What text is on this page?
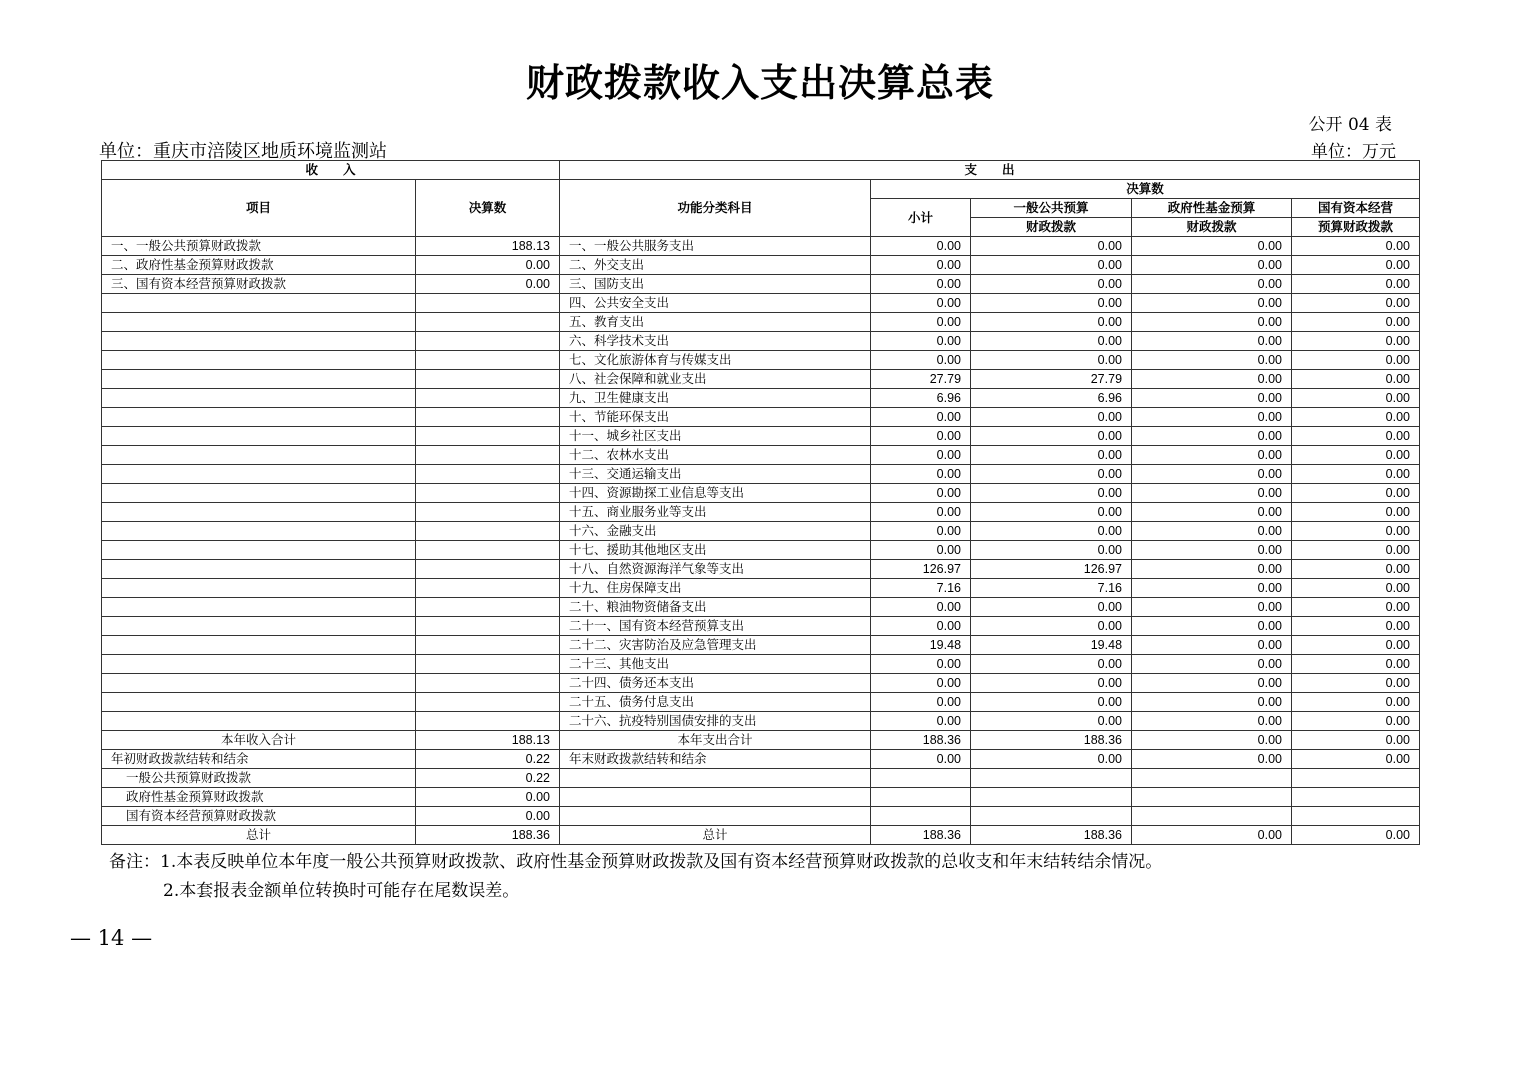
财政拨款收入支出决算总表
公开 04 表
单位：重庆市涪陵区地质环境监测站	单位：万元
收　　入		支　　出				
项目	决算数	功能分类科目	决算数			
			小计	一般公共预算	政府性基金预算	国有资本经营
				财政拨款	财政拨款	预算财政拨款
一、一般公共预算财政拨款	188.13	一、一般公共服务支出	0.00	0.00	0.00	0.00
二、政府性基金预算财政拨款	0.00	二、外交支出	0.00	0.00	0.00	0.00
三、国有资本经营预算财政拨款	0.00	三、国防支出	0.00	0.00	0.00	0.00
		四、公共安全支出	0.00	0.00	0.00	0.00
		五、教育支出	0.00	0.00	0.00	0.00
		六、科学技术支出	0.00	0.00	0.00	0.00
		七、文化旅游体育与传媒支出	0.00	0.00	0.00	0.00
		八、社会保障和就业支出	27.79	27.79	0.00	0.00
		九、卫生健康支出	6.96	6.96	0.00	0.00
		十、节能环保支出	0.00	0.00	0.00	0.00
		十一、城乡社区支出	0.00	0.00	0.00	0.00
		十二、农林水支出	0.00	0.00	0.00	0.00
		十三、交通运输支出	0.00	0.00	0.00	0.00
		十四、资源勘探工业信息等支出	0.00	0.00	0.00	0.00
		十五、商业服务业等支出	0.00	0.00	0.00	0.00
		十六、金融支出	0.00	0.00	0.00	0.00
		十七、援助其他地区支出	0.00	0.00	0.00	0.00
		十八、自然资源海洋气象等支出	126.97	126.97	0.00	0.00
		十九、住房保障支出	7.16	7.16	0.00	0.00
		二十、粮油物资储备支出	0.00	0.00	0.00	0.00
		二十一、国有资本经营预算支出	0.00	0.00	0.00	0.00
		二十二、灾害防治及应急管理支出	19.48	19.48	0.00	0.00
		二十三、其他支出	0.00	0.00	0.00	0.00
		二十四、债务还本支出	0.00	0.00	0.00	0.00
		二十五、债务付息支出	0.00	0.00	0.00	0.00
		二十六、抗疫特别国债安排的支出	0.00	0.00	0.00	0.00
本年收入合计	188.13	本年支出合计	188.36	188.36	0.00	0.00
年初财政拨款结转和结余	0.22	年末财政拨款结转和结余	0.00	0.00	0.00	0.00
一般公共预算财政拨款	0.22					
政府性基金预算财政拨款	0.00					
国有资本经营预算财政拨款	0.00					
总计	188.36	总计	188.36	188.36	0.00	0.00
备注：1.本表反映单位本年度一般公共预算财政拨款、政府性基金预算财政拨款及国有资本经营预算财政拨款的总收支和年末结转结余情况。
2.本套报表金额单位转换时可能存在尾数误差。
— 14 —
